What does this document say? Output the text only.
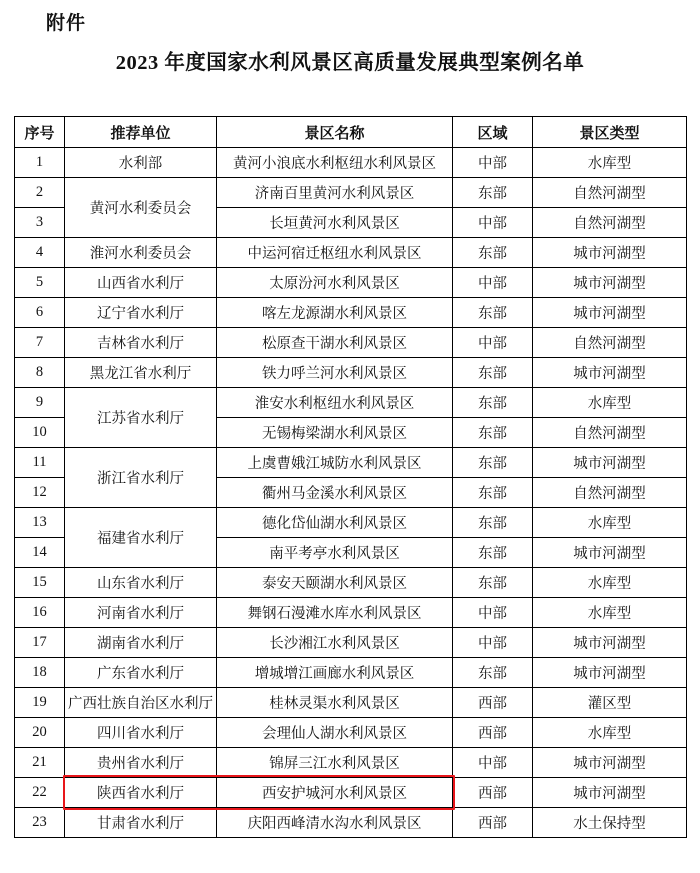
附件
2023 年度国家水利风景区高质量发展典型案例名单
序号	推荐单位	景区名称	区域	景区类型
1	水利部	黄河小浪底水利枢纽水利风景区	中部	水库型
2	黄河水利委员会	济南百里黄河水利风景区	东部	自然河湖型
3		长垣黄河水利风景区	中部	自然河湖型
4	淮河水利委员会	中运河宿迁枢纽水利风景区	东部	城市河湖型
5	山西省水利厅	太原汾河水利风景区	中部	城市河湖型
6	辽宁省水利厅	喀左龙源湖水利风景区	东部	城市河湖型
7	吉林省水利厅	松原查干湖水利风景区	中部	自然河湖型
8	黑龙江省水利厅	铁力呼兰河水利风景区	东部	城市河湖型
9	江苏省水利厅	淮安水利枢纽水利风景区	东部	水库型
10		无锡梅梁湖水利风景区	东部	自然河湖型
11	浙江省水利厅	上虞曹娥江城防水利风景区	东部	城市河湖型
12		衢州马金溪水利风景区	东部	自然河湖型
13	福建省水利厅	德化岱仙湖水利风景区	东部	水库型
14		南平考亭水利风景区	东部	城市河湖型
15	山东省水利厅	泰安天颐湖水利风景区	东部	水库型
16	河南省水利厅	舞钢石漫滩水库水利风景区	中部	水库型
17	湖南省水利厅	长沙湘江水利风景区	中部	城市河湖型
18	广东省水利厅	增城增江画廊水利风景区	东部	城市河湖型
19	广西壮族自治区水利厅	桂林灵渠水利风景区	西部	灌区型
20	四川省水利厅	会理仙人湖水利风景区	西部	水库型
21	贵州省水利厅	锦屏三江水利风景区	中部	城市河湖型
22	陕西省水利厅	西安护城河水利风景区	西部	城市河湖型
23	甘肃省水利厅	庆阳西峰清水沟水利风景区	西部	水土保持型
